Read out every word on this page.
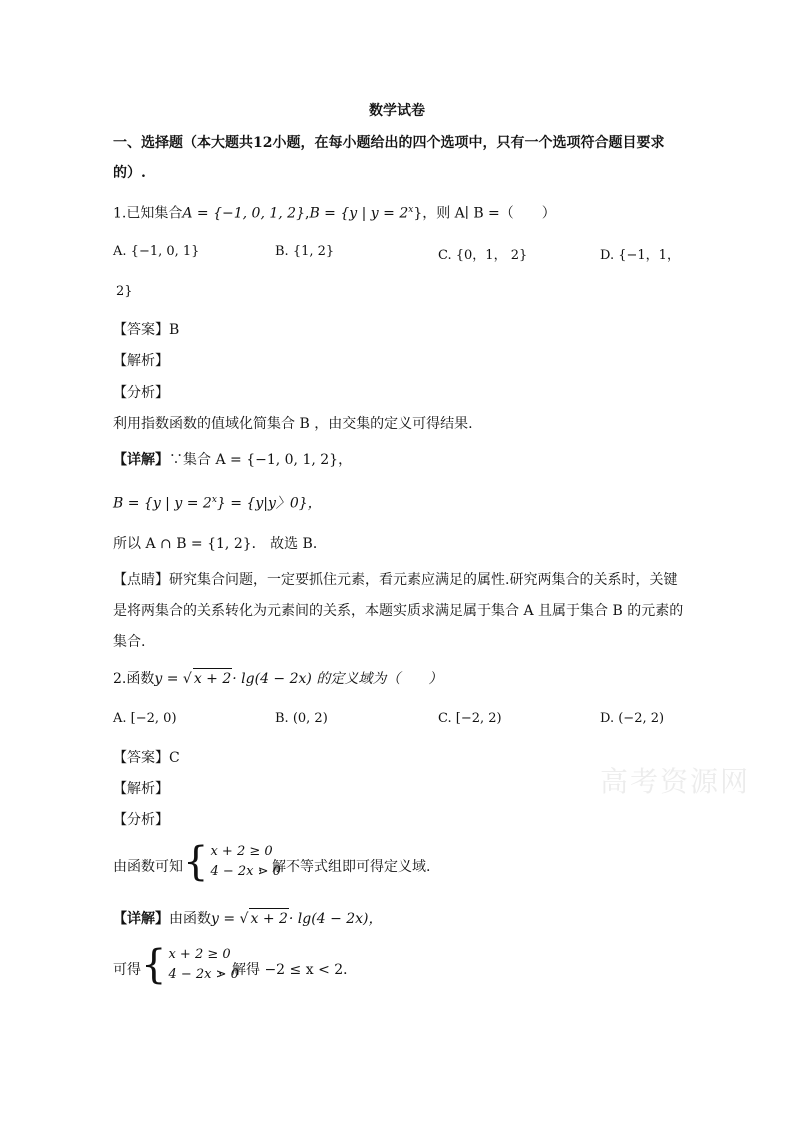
数学试卷
一、选择题（本大题共12小题，在每小题给出的四个选项中，只有一个选项符合题目要求
的）.
1.已知集合A = {−1, 0, 1, 2},B = {y | $y = 2^x$}，则 A∣ B =（　　）
A. {−1, 0, 1}	B. {1, 2}	C. {0，1， 2}	D. {−1，1，
2}
【答案】B
【解析】
【分析】
利用指数函数的值域化简集合 B ，由交集的定义可得结果.
【详解】∵集合 A = {−1, 0, 1, 2}，
B = {y | $y = 2^x\} = \{y|y$〉0}，
所以 A ∩ B = {1, 2}． 故选 B．
【点睛】研究集合问题，一定要抓住元素，看元素应满足的属性.研究两集合的关系时，关键
是将两集合的关系转化为元素间的关系，本题实质求满足属于集合 A 且属于集合 B 的元素的
集合.
2.函数y = √ x + 2· lg(4 − 2x) 的定义域为（　　）
A. [−2, 0)	B. (0, 2)	C. [−2, 2)	D. (−2, 2)
【答案】C
【解析】
【分析】
由函数可知 { x + 2 ≥ 0
4 − 2x > 0
，解不等式组即可得定义域.
【详解】由函数y = √ x + 2· lg(4 − 2x)，
可得 { x + 2 ≥ 0
4 − 2x > 0
，解得 −2 ≤ x < 2．
高考资源网
